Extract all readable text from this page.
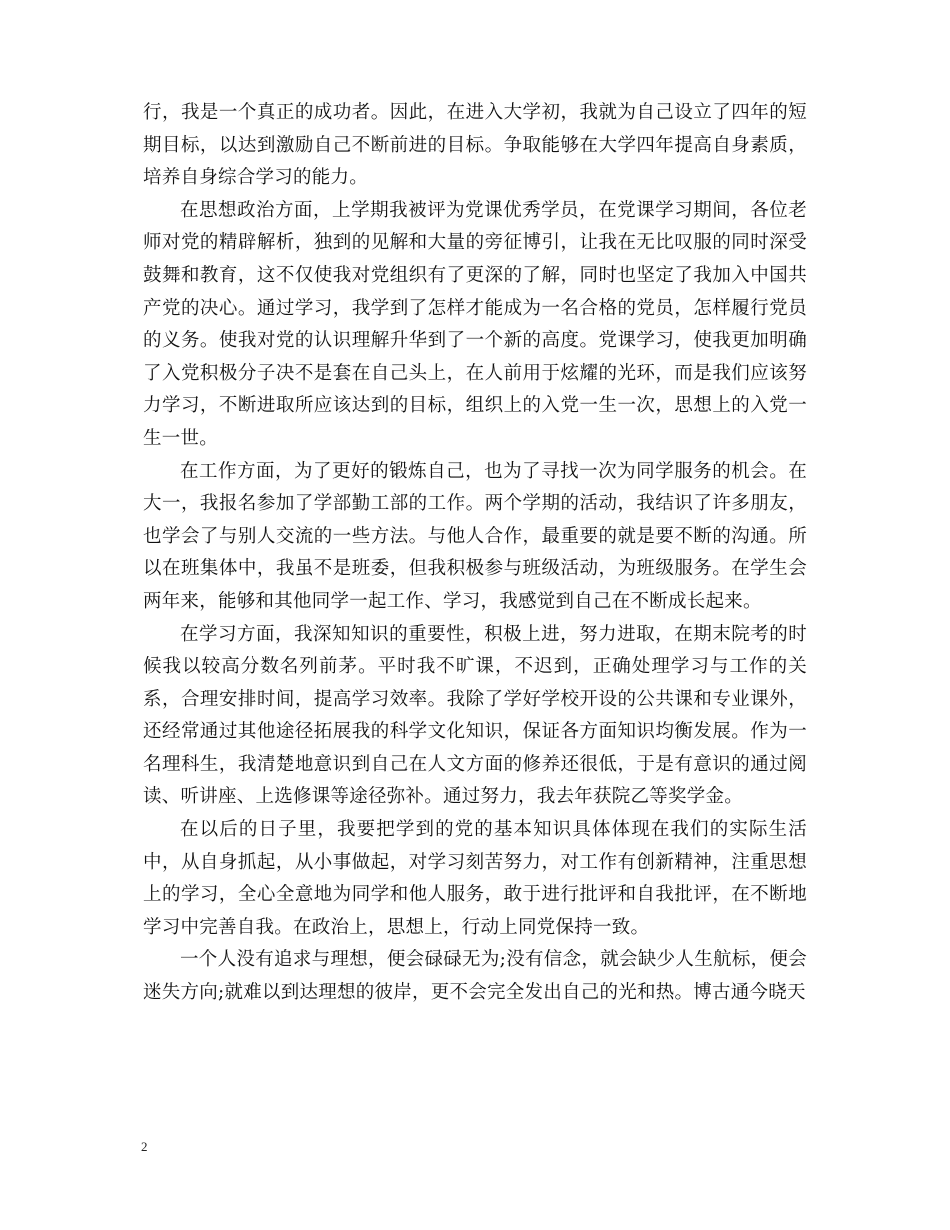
行，我是一个真正的成功者。因此，在进入大学初，我就为自己设立了四年的短期目标，以达到激励自己不断前进的目标。争取能够在大学四年提高自身素质，培养自身综合学习的能力。

在思想政治方面，上学期我被评为党课优秀学员，在党课学习期间，各位老师对党的精辟解析，独到的见解和大量的旁征博引，让我在无比叹服的同时深受鼓舞和教育，这不仅使我对党组织有了更深的了解，同时也坚定了我加入中国共产党的决心。通过学习，我学到了怎样才能成为一名合格的党员，怎样履行党员的义务。使我对党的认识理解升华到了一个新的高度。党课学习，使我更加明确了入党积极分子决不是套在自己头上，在人前用于炫耀的光环，而是我们应该努力学习，不断进取所应该达到的目标，组织上的入党一生一次，思想上的入党一生一世。

在工作方面，为了更好的锻炼自己，也为了寻找一次为同学服务的机会。在大一，我报名参加了学部勤工部的工作。两个学期的活动，我结识了许多朋友，也学会了与别人交流的一些方法。与他人合作，最重要的就是要不断的沟通。所以在班集体中，我虽不是班委，但我积极参与班级活动，为班级服务。在学生会两年来，能够和其他同学一起工作、学习，我感觉到自己在不断成长起来。

在学习方面，我深知知识的重要性，积极上进，努力进取，在期末院考的时候我以较高分数名列前茅。平时我不旷课，不迟到，正确处理学习与工作的关系，合理安排时间，提高学习效率。我除了学好学校开设的公共课和专业课外，还经常通过其他途径拓展我的科学文化知识，保证各方面知识均衡发展。作为一名理科生，我清楚地意识到自己在人文方面的修养还很低，于是有意识的通过阅读、听讲座、上选修课等途径弥补。通过努力，我去年获院乙等奖学金。

在以后的日子里，我要把学到的党的基本知识具体体现在我们的实际生活中，从自身抓起，从小事做起，对学习刻苦努力，对工作有创新精神，注重思想上的学习，全心全意地为同学和他人服务，敢于进行批评和自我批评，在不断地学习中完善自我。在政治上，思想上，行动上同党保持一致。

一个人没有追求与理想，便会碌碌无为;没有信念，就会缺少人生航标，便会迷失方向;就难以到达理想的彼岸，更不会完全发出自己的光和热。博古通今晓天

2
